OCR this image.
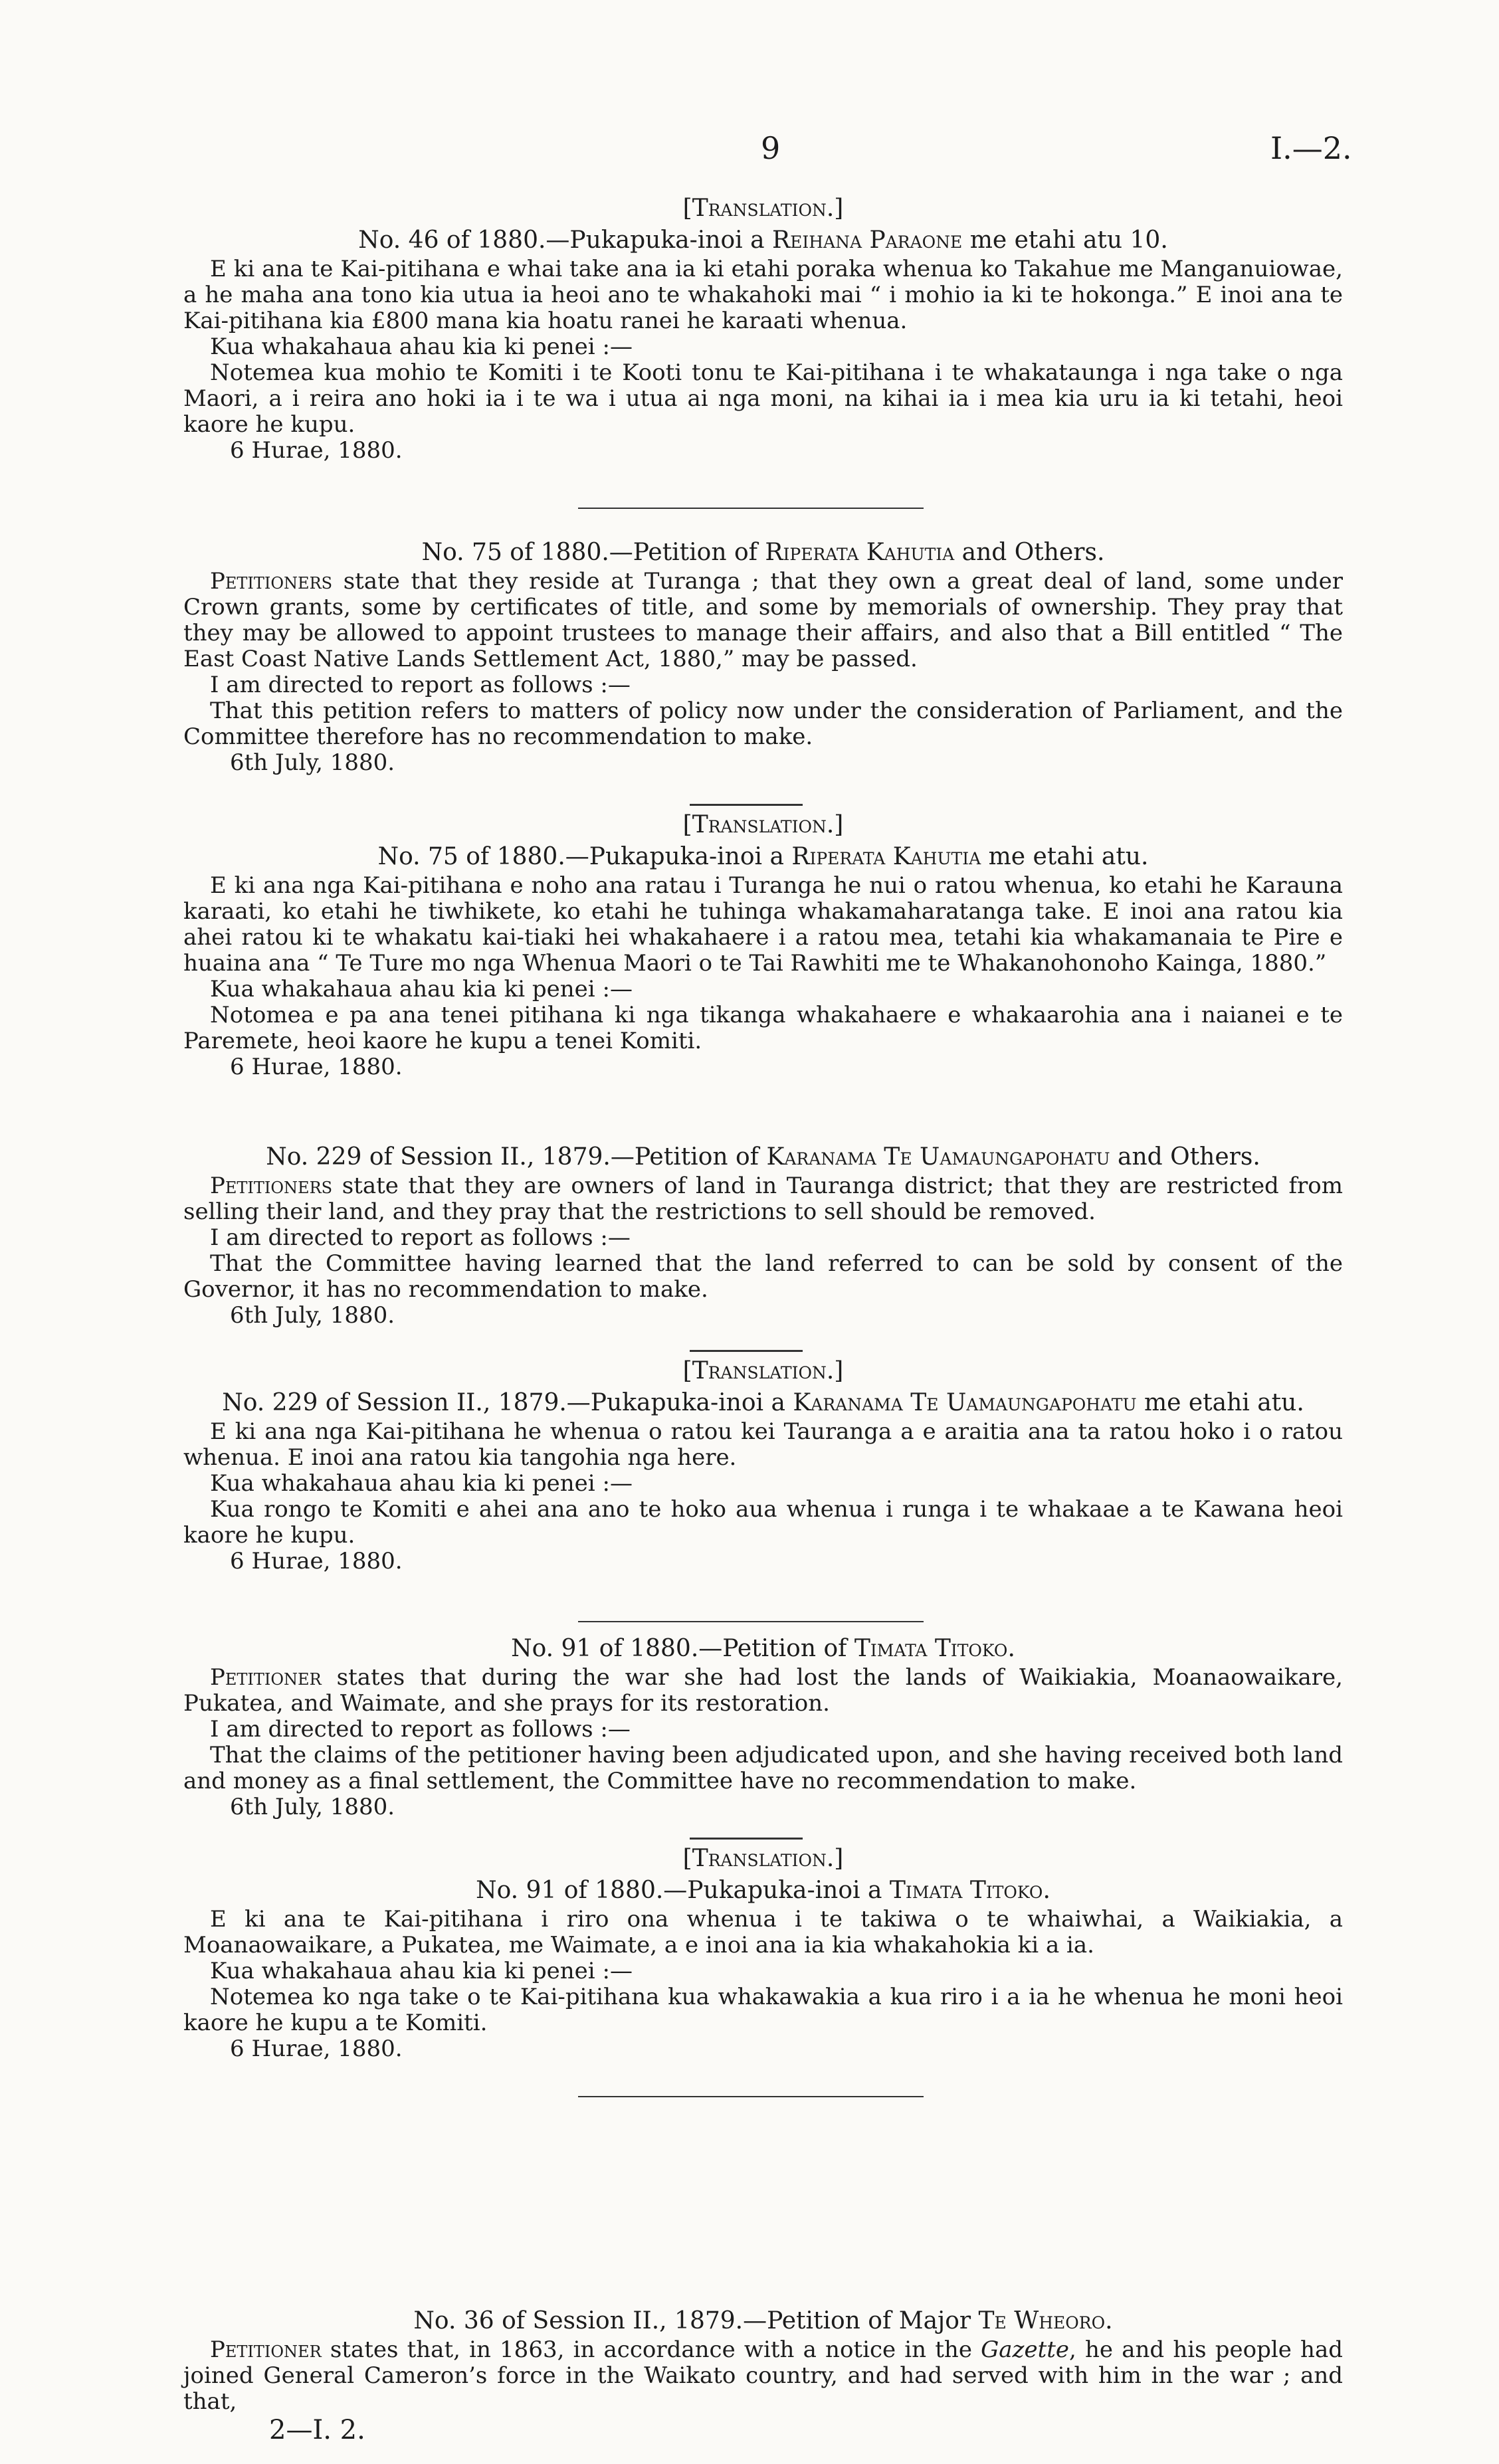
9	I.—2.
[Translation.]
No. 46 of 1880.—Pukapuka-inoi a Reihana Paraone me etahi atu 10.

E ki ana te Kai-pitihana e whai take ana ia ki etahi poraka whenua ko Takahue me Manganuiowae, a he maha ana tono kia utua ia heoi ano te whakahoki mai “ i mohio ia ki te hokonga.” E inoi ana te Kai-pitihana kia £800 mana kia hoatu ranei he karaati whenua.

Kua whakahaua ahau kia ki penei :—

Notemea kua mohio te Komiti i te Kooti tonu te Kai-pitihana i te whakataunga i nga take o nga Maori, a i reira ano hoki ia i te wa i utua ai nga moni, na kihai ia i mea kia uru ia ki tetahi, heoi kaore he kupu.

6 Hurae, 1880.

No. 75 of 1880.—Petition of Riperata Kahutia and Others.

Petitioners state that they reside at Turanga ; that they own a great deal of land, some under Crown grants, some by certificates of title, and some by memorials of ownership. They pray that they may be allowed to appoint trustees to manage their affairs, and also that a Bill entitled “ The East Coast Native Lands Settlement Act, 1880,” may be passed.

I am directed to report as follows :—

That this petition refers to matters of policy now under the consideration of Parliament, and the Committee therefore has no recommendation to make.

6th July, 1880.

[Translation.]
No. 75 of 1880.—Pukapuka-inoi a Riperata Kahutia me etahi atu.

E ki ana nga Kai-pitihana e noho ana ratau i Turanga he nui o ratou whenua, ko etahi he Karauna karaati, ko etahi he tiwhikete, ko etahi he tuhinga whakamaharatanga take. E inoi ana ratou kia ahei ratou ki te whakatu kai-tiaki hei whakahaere i a ratou mea, tetahi kia whakamanaia te Pire e huaina ana “ Te Ture mo nga Whenua Maori o te Tai Rawhiti me te Whakanohonoho Kainga, 1880.”

Kua whakahaua ahau kia ki penei :—

Notomea e pa ana tenei pitihana ki nga tikanga whakahaere e whakaarohia ana i naianei e te Paremete, heoi kaore he kupu a tenei Komiti.

6 Hurae, 1880.

No. 229 of Session II., 1879.—Petition of Karanama Te Uamaungapohatu and Others.

Petitioners state that they are owners of land in Tauranga district; that they are restricted from selling their land, and they pray that the restrictions to sell should be removed.

I am directed to report as follows :—

That the Committee having learned that the land referred to can be sold by consent of the Governor, it has no recommendation to make.

6th July, 1880.

[Translation.]
No. 229 of Session II., 1879.—Pukapuka-inoi a Karanama Te Uamaungapohatu me etahi atu.

E ki ana nga Kai-pitihana he whenua o ratou kei Tauranga a e araitia ana ta ratou hoko i o ratou whenua. E inoi ana ratou kia tangohia nga here.

Kua whakahaua ahau kia ki penei :—

Kua rongo te Komiti e ahei ana ano te hoko aua whenua i runga i te whakaae a te Kawana heoi kaore he kupu.

6 Hurae, 1880.

No. 91 of 1880.—Petition of Timata Titoko.

Petitioner states that during the war she had lost the lands of Waikiakia, Moanaowaikare, Pukatea, and Waimate, and she prays for its restoration.

I am directed to report as follows :—

That the claims of the petitioner having been adjudicated upon, and she having received both land and money as a final settlement, the Committee have no recommendation to make.

6th July, 1880.

[Translation.]
No. 91 of 1880.—Pukapuka-inoi a Timata Titoko.

E ki ana te Kai-pitihana i riro ona whenua i te takiwa o te whaiwhai, a Waikiakia, a Moanaowaikare, a Pukatea, me Waimate, a e inoi ana ia kia whakahokia ki a ia.

Kua whakahaua ahau kia ki penei :—

Notemea ko nga take o te Kai-pitihana kua whakawakia a kua riro i a ia he whenua he moni heoi kaore he kupu a te Komiti.

6 Hurae, 1880.

No. 36 of Session II., 1879.—Petition of Major Te Wheoro.

Petitioner states that, in 1863, in accordance with a notice in the Gazette, he and his people had joined General Cameron’s force in the Waikato country, and had served with him in the war ; and that,

2—I. 2.
